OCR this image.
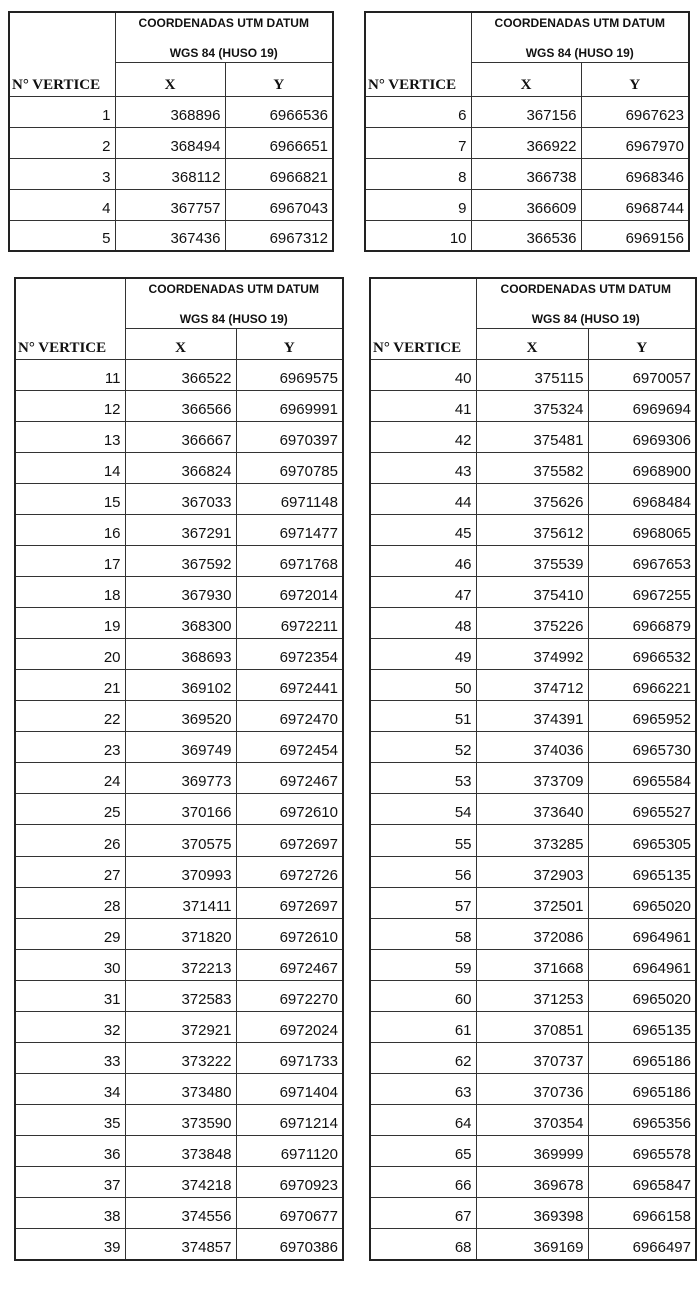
	COORDENADAS UTM DATUM
WGS 84 (HUSO 19)	

N° VERTICE	X	Y
1	368896	6966536
2	368494	6966651
3	368112	6966821
4	367757	6967043
5	367436	6967312

	COORDENADAS UTM DATUM
WGS 84 (HUSO 19)	

N° VERTICE	X	Y
6	367156	6967623
7	366922	6967970
8	366738	6968346
9	366609	6968744
10	366536	6969156

	COORDENADAS UTM DATUM
WGS 84 (HUSO 19)	

N° VERTICE	X	Y
11	366522	6969575
12	366566	6969991
13	366667	6970397
14	366824	6970785
15	367033	6971148
16	367291	6971477
17	367592	6971768
18	367930	6972014
19	368300	6972211
20	368693	6972354
21	369102	6972441
22	369520	6972470
23	369749	6972454
24	369773	6972467
25	370166	6972610
26	370575	6972697
27	370993	6972726
28	371411	6972697
29	371820	6972610
30	372213	6972467
31	372583	6972270
32	372921	6972024
33	373222	6971733
34	373480	6971404
35	373590	6971214
36	373848	6971120
37	374218	6970923
38	374556	6970677
39	374857	6970386

	COORDENADAS UTM DATUM
WGS 84 (HUSO 19)	

N° VERTICE	X	Y
40	375115	6970057
41	375324	6969694
42	375481	6969306
43	375582	6968900
44	375626	6968484
45	375612	6968065
46	375539	6967653
47	375410	6967255
48	375226	6966879
49	374992	6966532
50	374712	6966221
51	374391	6965952
52	374036	6965730
53	373709	6965584
54	373640	6965527
55	373285	6965305
56	372903	6965135
57	372501	6965020
58	372086	6964961
59	371668	6964961
60	371253	6965020
61	370851	6965135
62	370737	6965186
63	370736	6965186
64	370354	6965356
65	369999	6965578
66	369678	6965847
67	369398	6966158
68	369169	6966497
